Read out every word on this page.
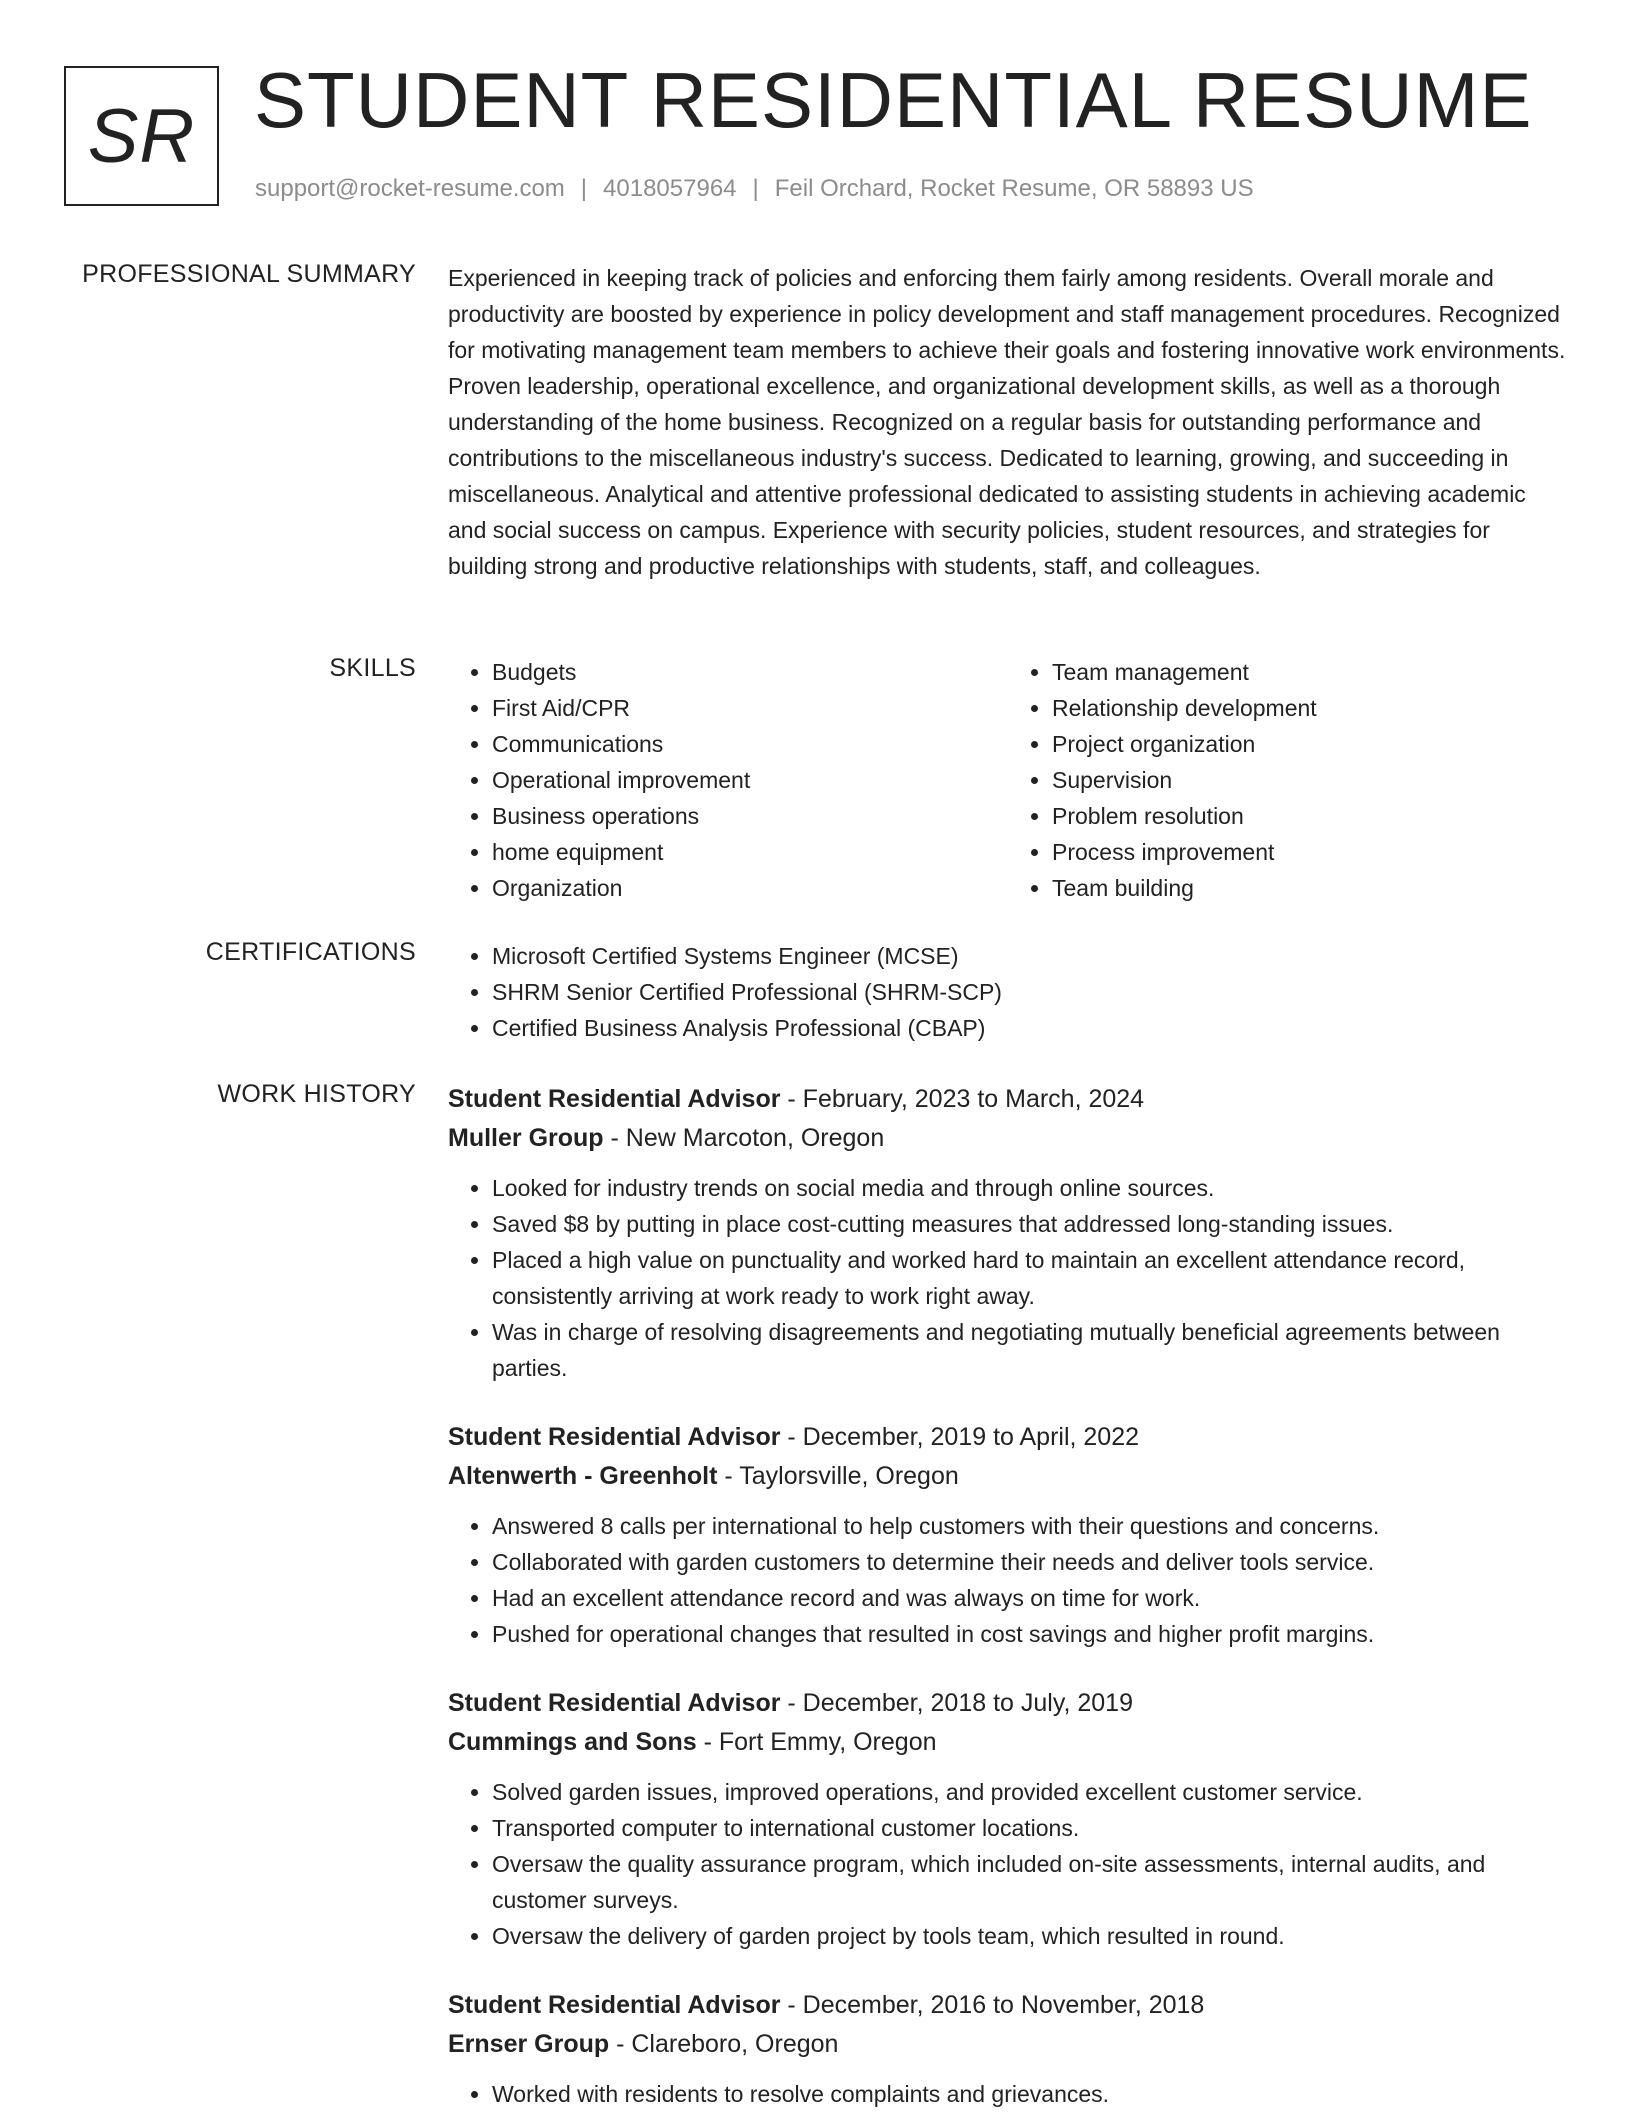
SR STUDENT RESIDENTIAL RESUME
support@rocket-resume.com | 4018057964 | Feil Orchard, Rocket Resume, OR 58893 US
PROFESSIONAL SUMMARY Experienced in keeping track of policies and enforcing them fairly among residents. Overall morale and productivity are boosted by experience in policy development and staff management procedures. Recognized for motivating management team members to achieve their goals and fostering innovative work environments. Proven leadership, operational excellence, and organizational development skills, as well as a thorough understanding of the home business. Recognized on a regular basis for outstanding performance and contributions to the miscellaneous industry's success. Dedicated to learning, growing, and succeeding in miscellaneous. Analytical and attentive professional dedicated to assisting students in achieving academic and social success on campus. Experience with security policies, student resources, and strategies for building strong and productive relationships with students, staff, and colleagues.

SKILLS	• Budgets
• First Aid/CPR
• Communications
• Operational improvement
• Business operations
• home equipment
• Organization
• Team management
• Relationship development
• Project organization
• Supervision
• Problem resolution
• Process improvement
• Team building
CERTIFICATIONS	• Microsoft Certified Systems Engineer (MCSE)
• SHRM Senior Certified Professional (SHRM-SCP)
• Certified Business Analysis Professional (CBAP)
WORK HISTORY Student Residential Advisor - February, 2023 to March, 2024
Muller Group - New Marcoton, Oregon
• Looked for industry trends on social media and through online sources.
• Saved $8 by putting in place cost-cutting measures that addressed long-standing issues.
• Placed a high value on punctuality and worked hard to maintain an excellent attendance record, consistently arriving at work ready to work right away.
• Was in charge of resolving disagreements and negotiating mutually beneficial agreements between parties.
Student Residential Advisor - December, 2019 to April, 2022
Altenwerth - Greenholt - Taylorsville, Oregon
• Answered 8 calls per international to help customers with their questions and concerns.
• Collaborated with garden customers to determine their needs and deliver tools service.
• Had an excellent attendance record and was always on time for work.
• Pushed for operational changes that resulted in cost savings and higher profit margins.
Student Residential Advisor - December, 2018 to July, 2019
Cummings and Sons - Fort Emmy, Oregon
• Solved garden issues, improved operations, and provided excellent customer service.
• Transported computer to international customer locations.
• Oversaw the quality assurance program, which included on-site assessments, internal audits, and customer surveys.
• Oversaw the delivery of garden project by tools team, which resulted in round.
Student Residential Advisor - December, 2016 to November, 2018
Ernser Group - Clareboro, Oregon
• Worked with residents to resolve complaints and grievances.
